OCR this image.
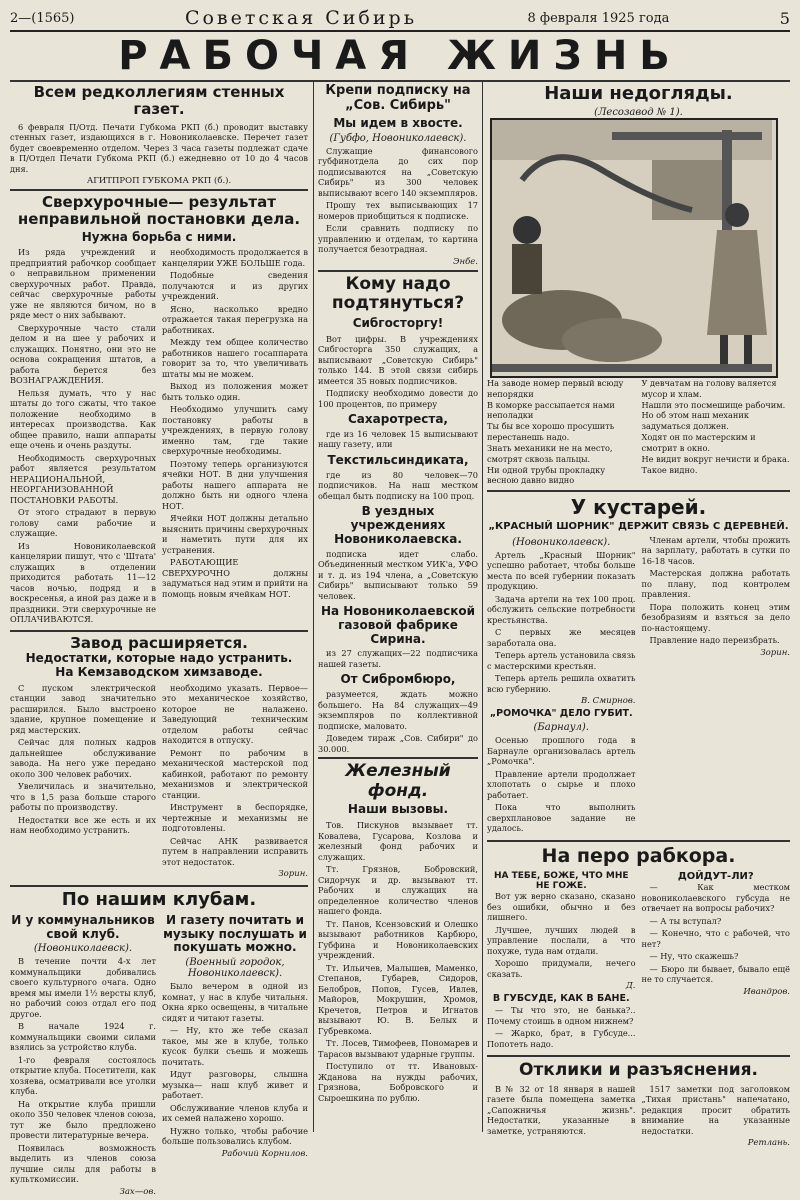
2—(1565)	Советская Сибирь	8 февраля 1925 года	5
РАБОЧАЯ ЖИЗНЬ
Всем редколлегиям стенных газет.

6 февраля П/Отд. Печати Губкома РКП (б.) проводит выставку стенных газет, издающихся в г. Новониколаевске. Перечет газет будет своевременно отделом. Через 3 часа газеты подлежат сдаче в П/Отдел Печати Губкома РКП (б.) ежедневно от 10 до 4 часов дня.

АГИТПРОП ГУБКОМА РКП (б.).

Сверхурочные— результат неправильной постановки дела.
Нужна борьба с ними.

Из ряда учреждений и предприятий рабочкор сообщает о неправильном применении сверхурочных работ. Правда, сейчас сверхурочные работы уже не являются бичом, но в ряде мест о них забывают.

Сверхурочные часто стали делом и на шее у рабочих и служащих. Понятно, они это не основа сокращения штатов, а работа берется без ВОЗНАГРАЖДЕНИЯ.

Нельзя думать, что у нас штаты до того сжаты, что такое положение необходимо в интересах производства. Как общее правило, наши аппараты еще очень и очень раздуты.

Необходимость сверхурочных работ является результатом НЕРАЦИОНАЛЬНОЙ, НЕОРГАНИЗОВАННОЙ ПОСТАНОВКИ РАБОТЫ.

От этого страдают в первую голову сами рабочие и служащие.

Из Новониколаевской канцелярии пишут, что с 'Штата' служащих в отделении приходится работать 11—12 часов ночью, подряд и в воскресенья, а иной раз даже и в праздники. Эти сверхурочные не ОПЛАЧИВАЮТСЯ.

необходимость продолжается в канцелярии УЖЕ БОЛЬШЕ года.

Подобные сведения получаются и из других учреждений.

Ясно, насколько вредно отражается такая перегрузка на работниках.

Между тем общее количество работников нашего госаппарата говорит за то, что увеличивать штаты мы не можем.

Выход из положения может быть только один.

Необходимо улучшить саму постановку работы в учреждениях, в первую голову именно там, где такие сверхурочные необходимы.

Поэтому теперь организуются ячейки НОТ. В дни улучшения работы нашего аппарата не должно быть ни одного члена НОТ.

Ячейки НОТ должны детально выяснить причины сверхурочных и наметить пути для их устранения.

РАБОТАЮЩИЕ СВЕРХУРОЧНО должны задуматься над этим и прийти на помощь новым ячейкам НОТ.

Завод расширяется.
Недостатки, которые надо устранить.
На Кемзаводском химзаводе.

С пуском электрической станции завод значительно расширился. Было выстроено здание, крупное помещение и ряд мастерских.

Сейчас для полных кадров дальнейшее обслуживание завода. На него уже передано около 300 человек рабочих.

Увеличилась и значительно, что в 1,5 раза больше старого работы по производству.

Недостатки все же есть и их нам необходимо устранить.

необходимо указать. Первое— это механическое хозяйство, которое не налажено. Заведующий техническим отделом работы сейчас находится в отпуску.

Ремонт по рабочим в механической мастерской под кабинкой, работают по ремонту механизмов и электрической станции.

Инструмент в беспорядке, чертежные и механизмы не подготовлены.

Сейчас АНК развивается путем в направлении исправить этот недостаток.

Зорин.

По нашим клубам.
И у коммунальников свой клуб.

(Новониколаевск).

В течение почти 4-х лет коммунальщики добивались своего культурного очага. Одно время мы имели 1½ версты клуб, но рабочий союз отдал его под другое.

В начале 1924 г. коммунальщики своими силами взялись за устройство клуба.

1-го февраля состоялось открытие клуба. Посетители, как хозяева, осматривали все уголки клуба.

На открытие клуба пришли около 350 человек членов союза, тут же было предложено провести литературные вечера.

Появилась возможность выделить из членов союза лучшие силы для работы в культкомиссии.

Зах—ов.

И газету почитать и музыку послушать и покушать можно.

(Военный городок, Новониколаевск).

Было вечером в одной из комнат, у нас в клубе читальня. Окна ярко освещены, в читальне сидят и читают газеты.

— Ну, кто же тебе сказал такое, мы же в клубе, только кусок булки съешь и можешь почитать.

Идут разговоры, слышна музыка— наш клуб живет и работает.

Обслуживание членов клуба и их семей налажено хорошо.

Нужно только, чтобы рабочие больше пользовались клубом.

Рабочий Корнилов.

Крепи подписку на „Сов. Сибирь"
Мы идем в хвосте.

(Губфо, Новониколаевск).

Служащие финансового губфинотдела до сих пор подписываются на „Советскую Сибирь" из 300 человек выписывают всего 140 экземпляров.

Прошу тех выписывающих 17 номеров приобщиться к подписке.

Если сравнить подписку по управлению и отделам, то картина получается безотрадная.

Энбе.

Кому надо подтянуться?
Сибгосторгу!

Вот цифры. В учреждениях Сибгосторга 350 служащих, а выписывают „Советскую Сибирь" только 144. В этой связи сибирь имеется 35 новых подписчиков.

Подписку необходимо довести до 100 процентов, по примеру

Сахаротреста,

где из 16 человек 15 выписывают нашу газету, или

Текстильсиндиката,

где из 80 человек—70 подписчиков. На наш местком обещал быть подписку на 100 проц.

В уездных учреждениях Новониколаевска.

подписка идет слабо. Объединенный местком УИК'а, УФО и т. д. из 194 члена, а „Советскую Сибирь" выписывают только 59 человек.

На Новониколаевской газовой фабрике Сирина.

из 27 служащих—22 подписчика нашей газеты.

От Сибромбюро,

разумеется, ждать можно большего. На 84 служащих—49 экземпляров по коллективной подписке, маловато.

Доведем тираж „Сов. Сибири" до 30.000.

Железный фонд.
Наши вызовы.

Тов. Пискунов вызывает тт. Ковалева, Гусарова, Козлова и железный фонд рабочих и служащих.

Тт. Грязнов, Бобровский, Сидорчук и др. вызывают тт. Рабочих и служащих на определенное количество членов нашего фонда.

Тт. Панов, Ксензовский и Олешко вызывают работников Карбюро, Губфина и Новониколаевских учреждений.

Тт. Ильичев, Малышев, Маменко, Степанов, Губарев, Сидоров, Белобров, Попов, Гусев, Ивлев, Майоров, Мокрушин, Хромов, Кречетов, Петров и Игнатов вызывают Ю. В. Белых и Губревкома.

Тт. Лосев, Тимофеев, Пономарев и Тарасов вызывают ударные группы.

Поступило от тт. Ивановых-Жданова на нужды рабочих, Грязнова, Бобровского и Сыроешкина по рублю.

Наши недогляды.

(Лесозавод № 1).

На заводе номер первый всюду непорядки
В коморке рассыпается нами неполадки
Ты бы все хорошо просушить перестанешь надо.
Знать механики не на место, смотрят сквозь пальцы.
Ни одной трубы прокладку весною давно видно
У девчатам на голову валяется мусор и хлам.
Нашли это посмешище рабочим.
Но об этом наш механик задуматься должен.
Ходят он по мастерским и смотрит в окно.
Не видит вокруг нечисти и брака. Такое видно.
У кустарей.
„КРАСНЫЙ ШОРНИК" ДЕРЖИТ СВЯЗЬ С ДЕРЕВНЕЙ.

(Новониколаевск).

Артель „Красный Шорник" успешно работает, чтобы больше места по всей губернии показать продукцию.

Задача артели на тех 100 проц. обслужить сельские потребности крестьянства.

С первых же месяцев заработала она.

Теперь артель установила связь с мастерскими крестьян.

Теперь артель решила охватить всю губернию.

В. Смирнов.

„РОМОЧКА" ДЕЛО ГУБИТ.

(Барнаул).

Осенью прошлого года в Барнауле организовалась артель „Ромочка".

Правление артели продолжает хлопотать о сырье и плохо работает.

Пока что выполнить сверхплановое задание не удалось.

Членам артели, чтобы прожить на зарплату, работать в сутки по 16-18 часов.

Мастерская должна работать по плану, под контролем правления.

Пора положить конец этим безобразиям и взяться за дело по-настоящему.

Правление надо переизбрать.

Зорин.

На перо рабкора.
НА ТЕБЕ, БОЖЕ, ЧТО МНЕ НЕ ГОЖЕ.

Вот уж верно сказано, сказано без ошибки, обычно и без лишнего.

Лучшее, лучших людей в управление послали, а что похуже, туда нам отдали.

Хорошо придумали, нечего сказать.

Д.

В ГУБСУДЕ, КАК В БАНЕ.

— Ты что это, не банька?.. Почему стоишь в одном нижнем?

— Жарко, брат, в Губсуде... Попотеть надо.

ДОЙДУТ-ЛИ?

— Как местком новониколаевского губсуда не отвечает на вопросы рабочих?

— А ты вступал?

— Конечно, что с рабочей, что нет?

— Ну, что скажешь?

— Бюро ли бывает, бывало ещё не то случается.

Ивандров.

Отклики и разъяснения.

В № 32 от 18 января в нашей газете была помещена заметка „Сапожничья жизнь". Недостатки, указанные в заметке, устраняются.

1517 заметки под заголовком „Тихая пристань" напечатано, редакция просит обратить внимание на указанные недостатки.

Ретлань.
